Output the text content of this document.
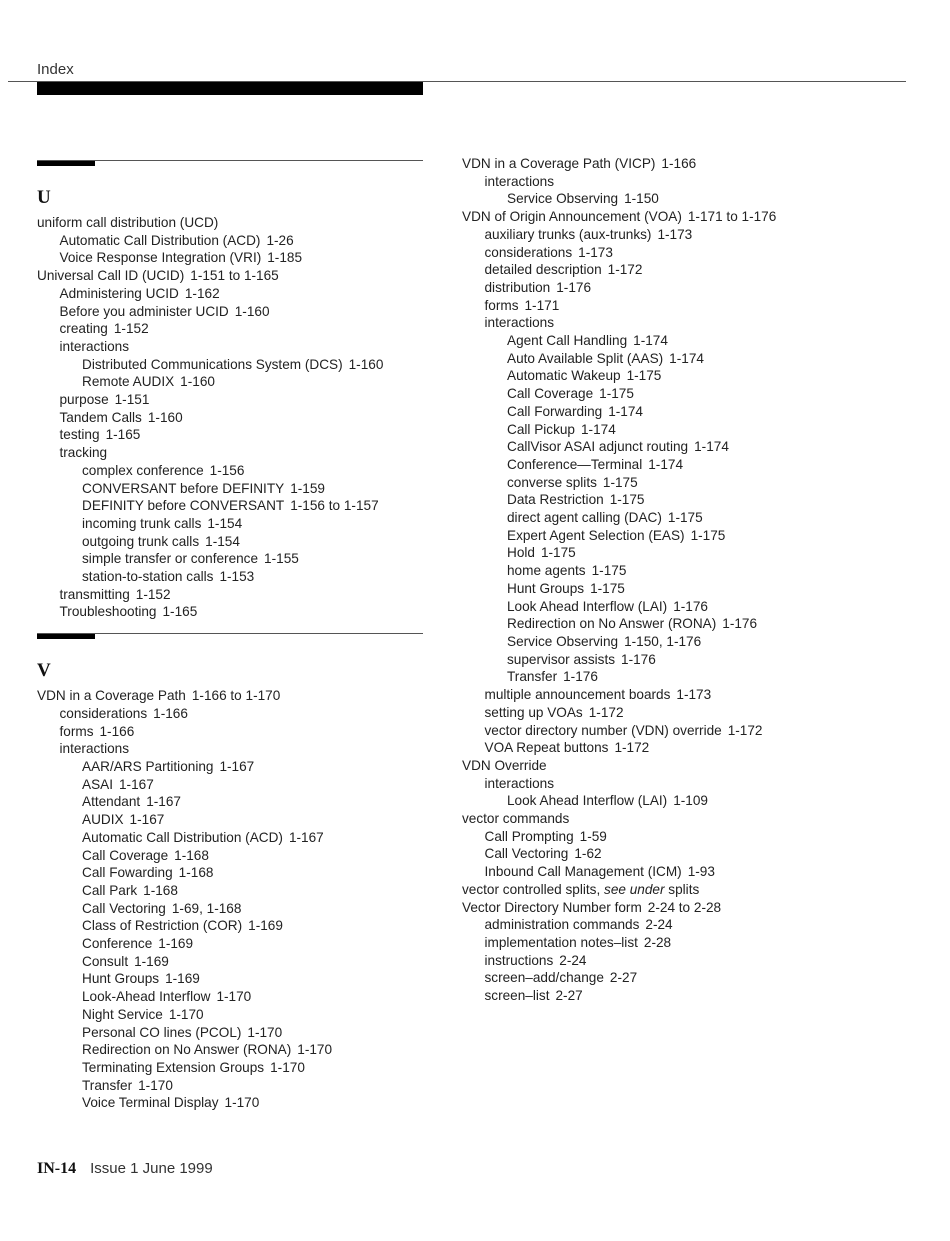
Index
U
uniform call distribution (UCD)
Automatic Call Distribution (ACD) 1-26
Voice Response Integration (VRI) 1-185
Universal Call ID (UCID) 1-151 to 1-165
Administering UCID 1-162
Before you administer UCID 1-160
creating 1-152
interactions
Distributed Communications System (DCS) 1-160
Remote AUDIX 1-160
purpose 1-151
Tandem Calls 1-160
testing 1-165
tracking
complex conference 1-156
CONVERSANT before DEFINITY 1-159
DEFINITY before CONVERSANT 1-156 to 1-157
incoming trunk calls 1-154
outgoing trunk calls 1-154
simple transfer or conference 1-155
station-to-station calls 1-153
transmitting 1-152
Troubleshooting 1-165
V
VDN in a Coverage Path 1-166 to 1-170
considerations 1-166
forms 1-166
interactions
AAR/ARS Partitioning 1-167
ASAI 1-167
Attendant 1-167
AUDIX 1-167
Automatic Call Distribution (ACD) 1-167
Call Coverage 1-168
Call Fowarding 1-168
Call Park 1-168
Call Vectoring 1-69, 1-168
Class of Restriction (COR) 1-169
Conference 1-169
Consult 1-169
Hunt Groups 1-169
Look-Ahead Interflow 1-170
Night Service 1-170
Personal CO lines (PCOL) 1-170
Redirection on No Answer (RONA) 1-170
Terminating Extension Groups 1-170
Transfer 1-170
Voice Terminal Display 1-170
VDN in a Coverage Path (VICP) 1-166
interactions
Service Observing 1-150
VDN of Origin Announcement (VOA) 1-171 to 1-176
auxiliary trunks (aux-trunks) 1-173
considerations 1-173
detailed description 1-172
distribution 1-176
forms 1-171
interactions
Agent Call Handling 1-174
Auto Available Split (AAS) 1-174
Automatic Wakeup 1-175
Call Coverage 1-175
Call Forwarding 1-174
Call Pickup 1-174
CallVisor ASAI adjunct routing 1-174
Conference—Terminal 1-174
converse splits 1-175
Data Restriction 1-175
direct agent calling (DAC) 1-175
Expert Agent Selection (EAS) 1-175
Hold 1-175
home agents 1-175
Hunt Groups 1-175
Look Ahead Interflow (LAI) 1-176
Redirection on No Answer (RONA) 1-176
Service Observing 1-150, 1-176
supervisor assists 1-176
Transfer 1-176
multiple announcement boards 1-173
setting up VOAs 1-172
vector directory number (VDN) override 1-172
VOA Repeat buttons 1-172
VDN Override
interactions
Look Ahead Interflow (LAI) 1-109
vector commands
Call Prompting 1-59
Call Vectoring 1-62
Inbound Call Management (ICM) 1-93
vector controlled splits, see under splits
Vector Directory Number form 2-24 to 2-28
administration commands 2-24
implementation notes–list 2-28
instructions 2-24
screen–add/change 2-27
screen–list 2-27
IN-14 Issue 1 June 1999
